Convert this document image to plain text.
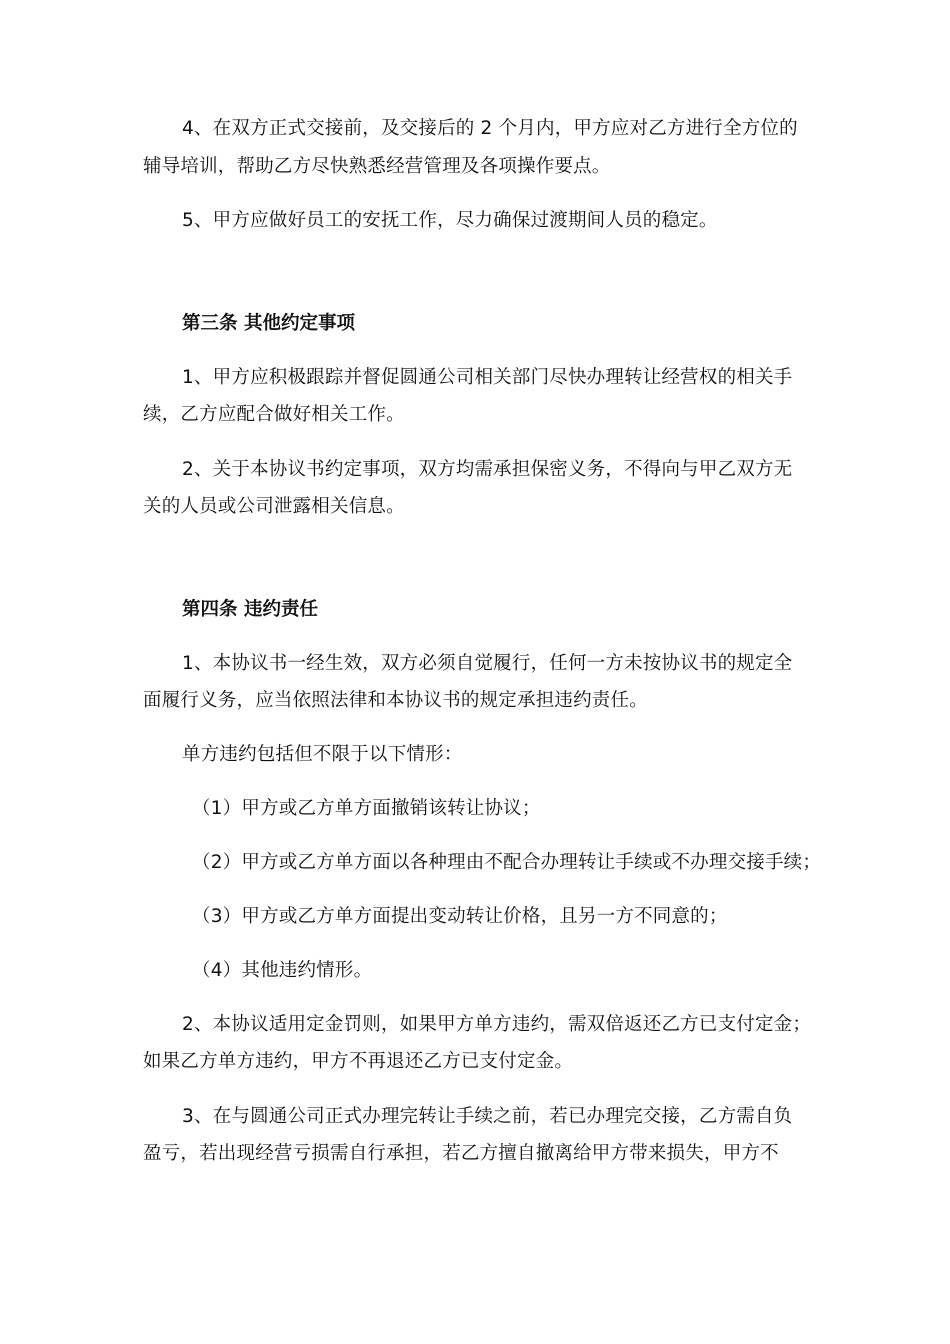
4、在双方正式交接前，及交接后的 2 个月内，甲方应对乙方进行全方位的
辅导培训，帮助乙方尽快熟悉经营管理及各项操作要点。
5、甲方应做好员工的安抚工作，尽力确保过渡期间人员的稳定。
第三条 其他约定事项
1、甲方应积极跟踪并督促圆通公司相关部门尽快办理转让经营权的相关手
续，乙方应配合做好相关工作。
2、关于本协议书约定事项，双方均需承担保密义务，不得向与甲乙双方无
关的人员或公司泄露相关信息。
第四条 违约责任
1、本协议书一经生效，双方必须自觉履行，任何一方未按协议书的规定全
面履行义务，应当依照法律和本协议书的规定承担违约责任。
单方违约包括但不限于以下情形：
（1）甲方或乙方单方面撤销该转让协议；
（2）甲方或乙方单方面以各种理由不配合办理转让手续或不办理交接手续；
（3）甲方或乙方单方面提出变动转让价格，且另一方不同意的；
（4）其他违约情形。
2、本协议适用定金罚则，如果甲方单方违约，需双倍返还乙方已支付定金；
如果乙方单方违约，甲方不再退还乙方已支付定金。
3、在与圆通公司正式办理完转让手续之前，若已办理完交接，乙方需自负
盈亏，若出现经营亏损需自行承担，若乙方擅自撤离给甲方带来损失，甲方不
